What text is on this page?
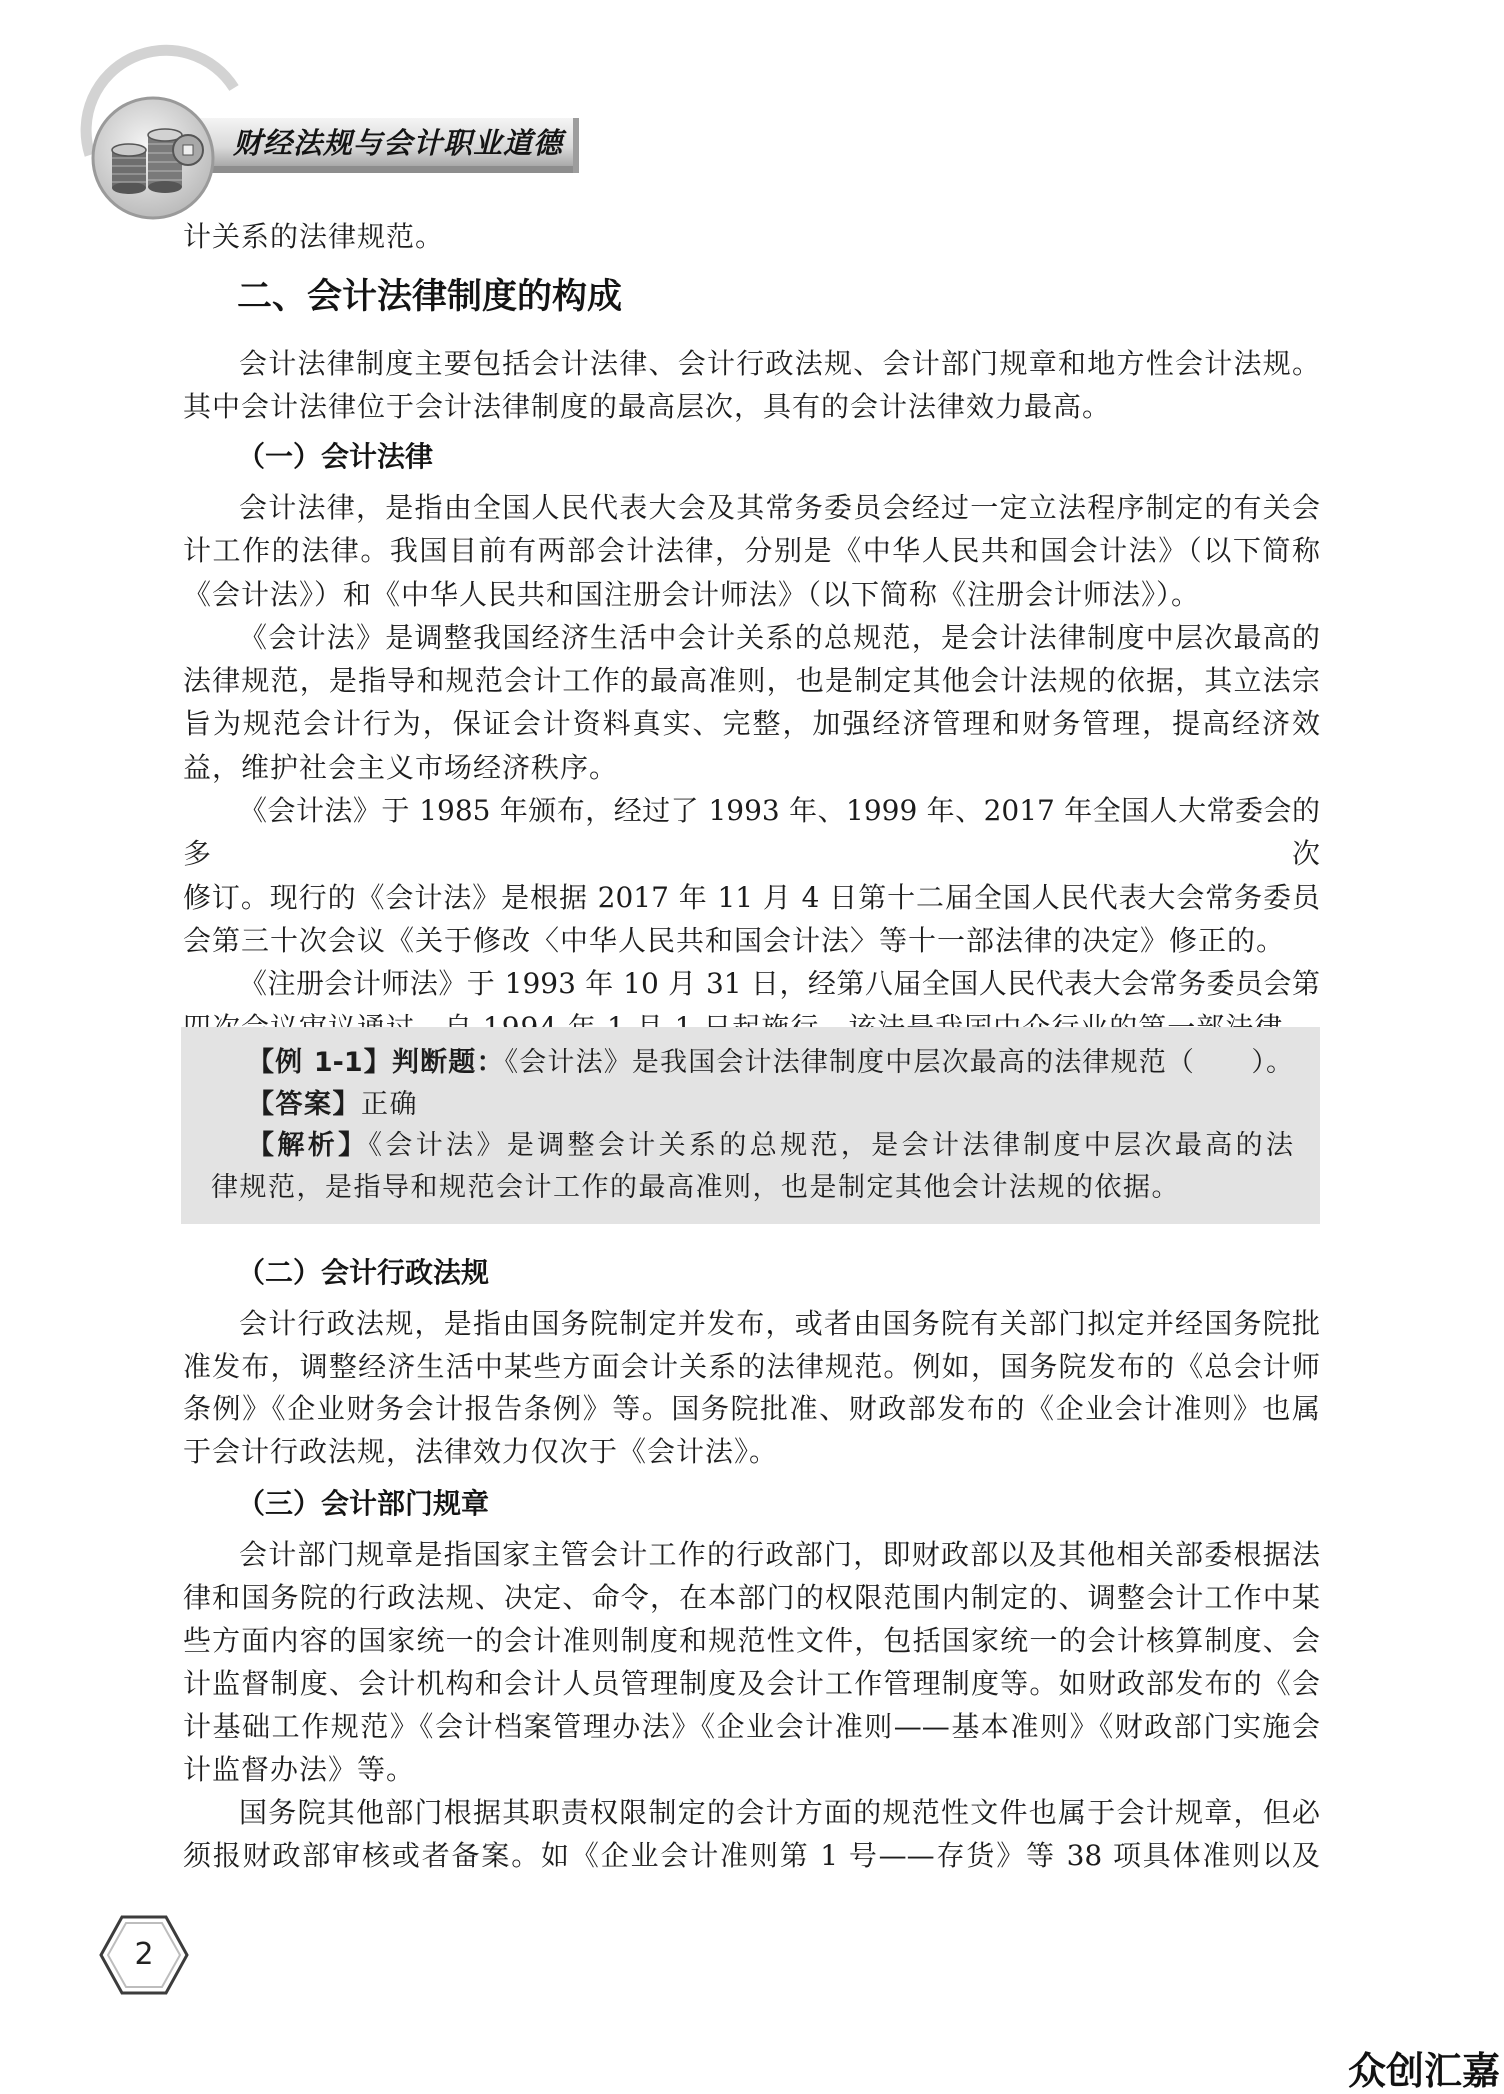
财经法规与会计职业道德
计关系的法律规范。
二、会计法律制度的构成
会计法律制度主要包括会计法律、会计行政法规、会计部门规章和地方性会计法规。
其中会计法律位于会计法律制度的最高层次，具有的会计法律效力最高。
（一）会计法律
会计法律，是指由全国人民代表大会及其常务委员会经过一定立法程序制定的有关会
计工作的法律。我国目前有两部会计法律，分别是《中华人民共和国会计法》（以下简称
《会计法》）和《中华人民共和国注册会计师法》（以下简称《注册会计师法》）。
《会计法》是调整我国经济生活中会计关系的总规范，是会计法律制度中层次最高的
法律规范，是指导和规范会计工作的最高准则，也是制定其他会计法规的依据，其立法宗
旨为规范会计行为，保证会计资料真实、完整，加强经济管理和财务管理，提高经济效
益，维护社会主义市场经济秩序。
《会计法》于 1985 年颁布，经过了 1993 年、1999 年、2017 年全国人大常委会的多次
修订。现行的《会计法》是根据 2017 年 11 月 4 日第十二届全国人民代表大会常务委员
会第三十次会议《关于修改〈中华人民共和国会计法〉等十一部法律的决定》修正的。
《注册会计师法》于 1993 年 10 月 31 日，经第八届全国人民代表大会常务委员会第
【例 1-1】判断题：《会计法》是我国会计法律制度中层次最高的法律规范（　　）。
【答案】正确
【解析】《会计法》是调整会计关系的总规范，是会计法律制度中层次最高的法
律规范，是指导和规范会计工作的最高准则，也是制定其他会计法规的依据。
（二）会计行政法规
会计行政法规，是指由国务院制定并发布，或者由国务院有关部门拟定并经国务院批
准发布，调整经济生活中某些方面会计关系的法律规范。例如，国务院发布的《总会计师
条例》《企业财务会计报告条例》等。国务院批准、财政部发布的《企业会计准则》也属
于会计行政法规，法律效力仅次于《会计法》。
（三）会计部门规章
会计部门规章是指国家主管会计工作的行政部门，即财政部以及其他相关部委根据法
律和国务院的行政法规、决定、命令，在本部门的权限范围内制定的、调整会计工作中某
些方面内容的国家统一的会计准则制度和规范性文件，包括国家统一的会计核算制度、会
计监督制度、会计机构和会计人员管理制度及会计工作管理制度等。如财政部发布的《会
计基础工作规范》《会计档案管理办法》《企业会计准则——基本准则》《财政部门实施会
计监督办法》等。
国务院其他部门根据其职责权限制定的会计方面的规范性文件也属于会计规章，但必
须报财政部审核或者备案。如《企业会计准则第 1 号——存货》等 38 项具体准则以及
2
众创汇嘉
